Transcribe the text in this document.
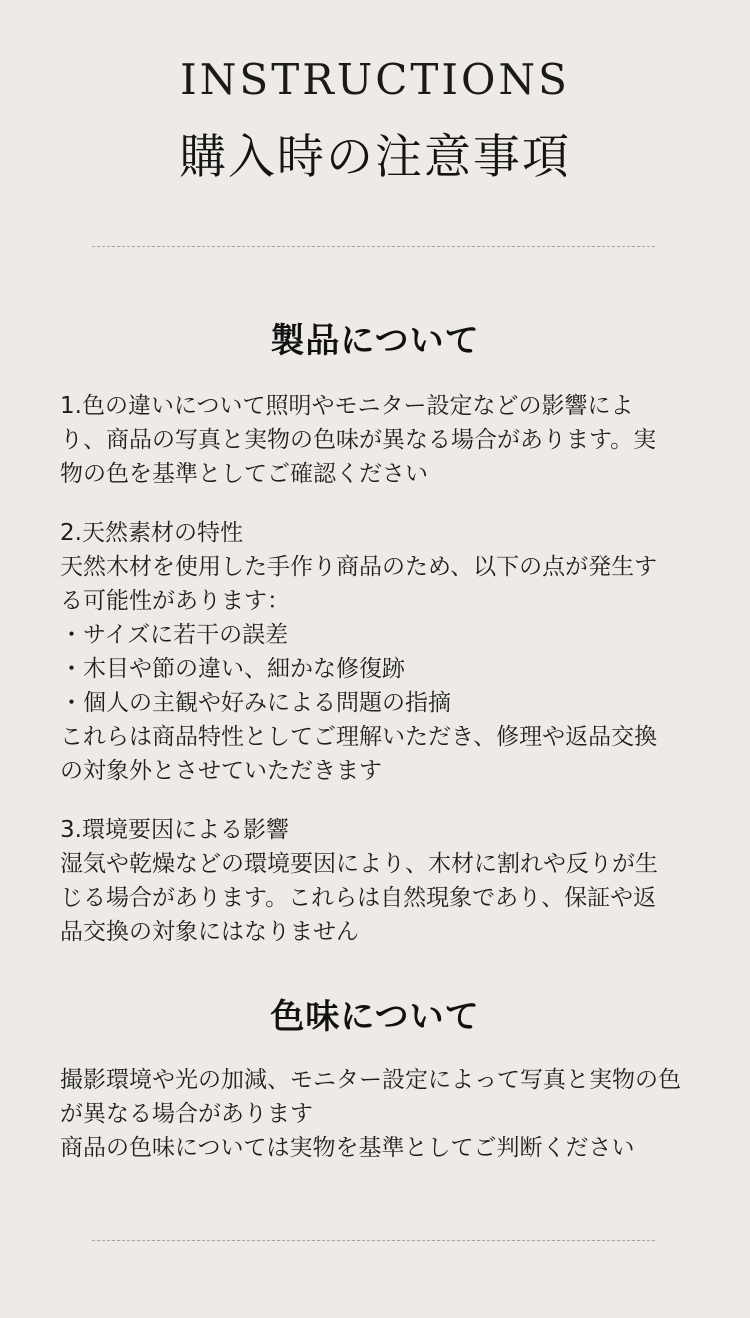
INSTRUCTIONS
購入時の注意事項
製品について

1.色の違いについて照明やモニター設定などの影響によ

り、商品の写真と実物の色味が異なる場合があります。実

物の色を基準としてご確認ください

2.天然素材の特性

天然木材を使用した手作り商品のため、以下の点が発生す

る可能性があります：

・サイズに若干の誤差

・木目や節の違い、細かな修復跡

・個人の主観や好みによる問題の指摘

これらは商品特性としてご理解いただき、修理や返品交換

の対象外とさせていただきます

3.環境要因による影響

湿気や乾燥などの環境要因により、木材に割れや反りが生

じる場合があります。これらは自然現象であり、保証や返

品交換の対象にはなりません

色味について

撮影環境や光の加減、モニター設定によって写真と実物の色

が異なる場合があります

商品の色味については実物を基準としてご判断ください
